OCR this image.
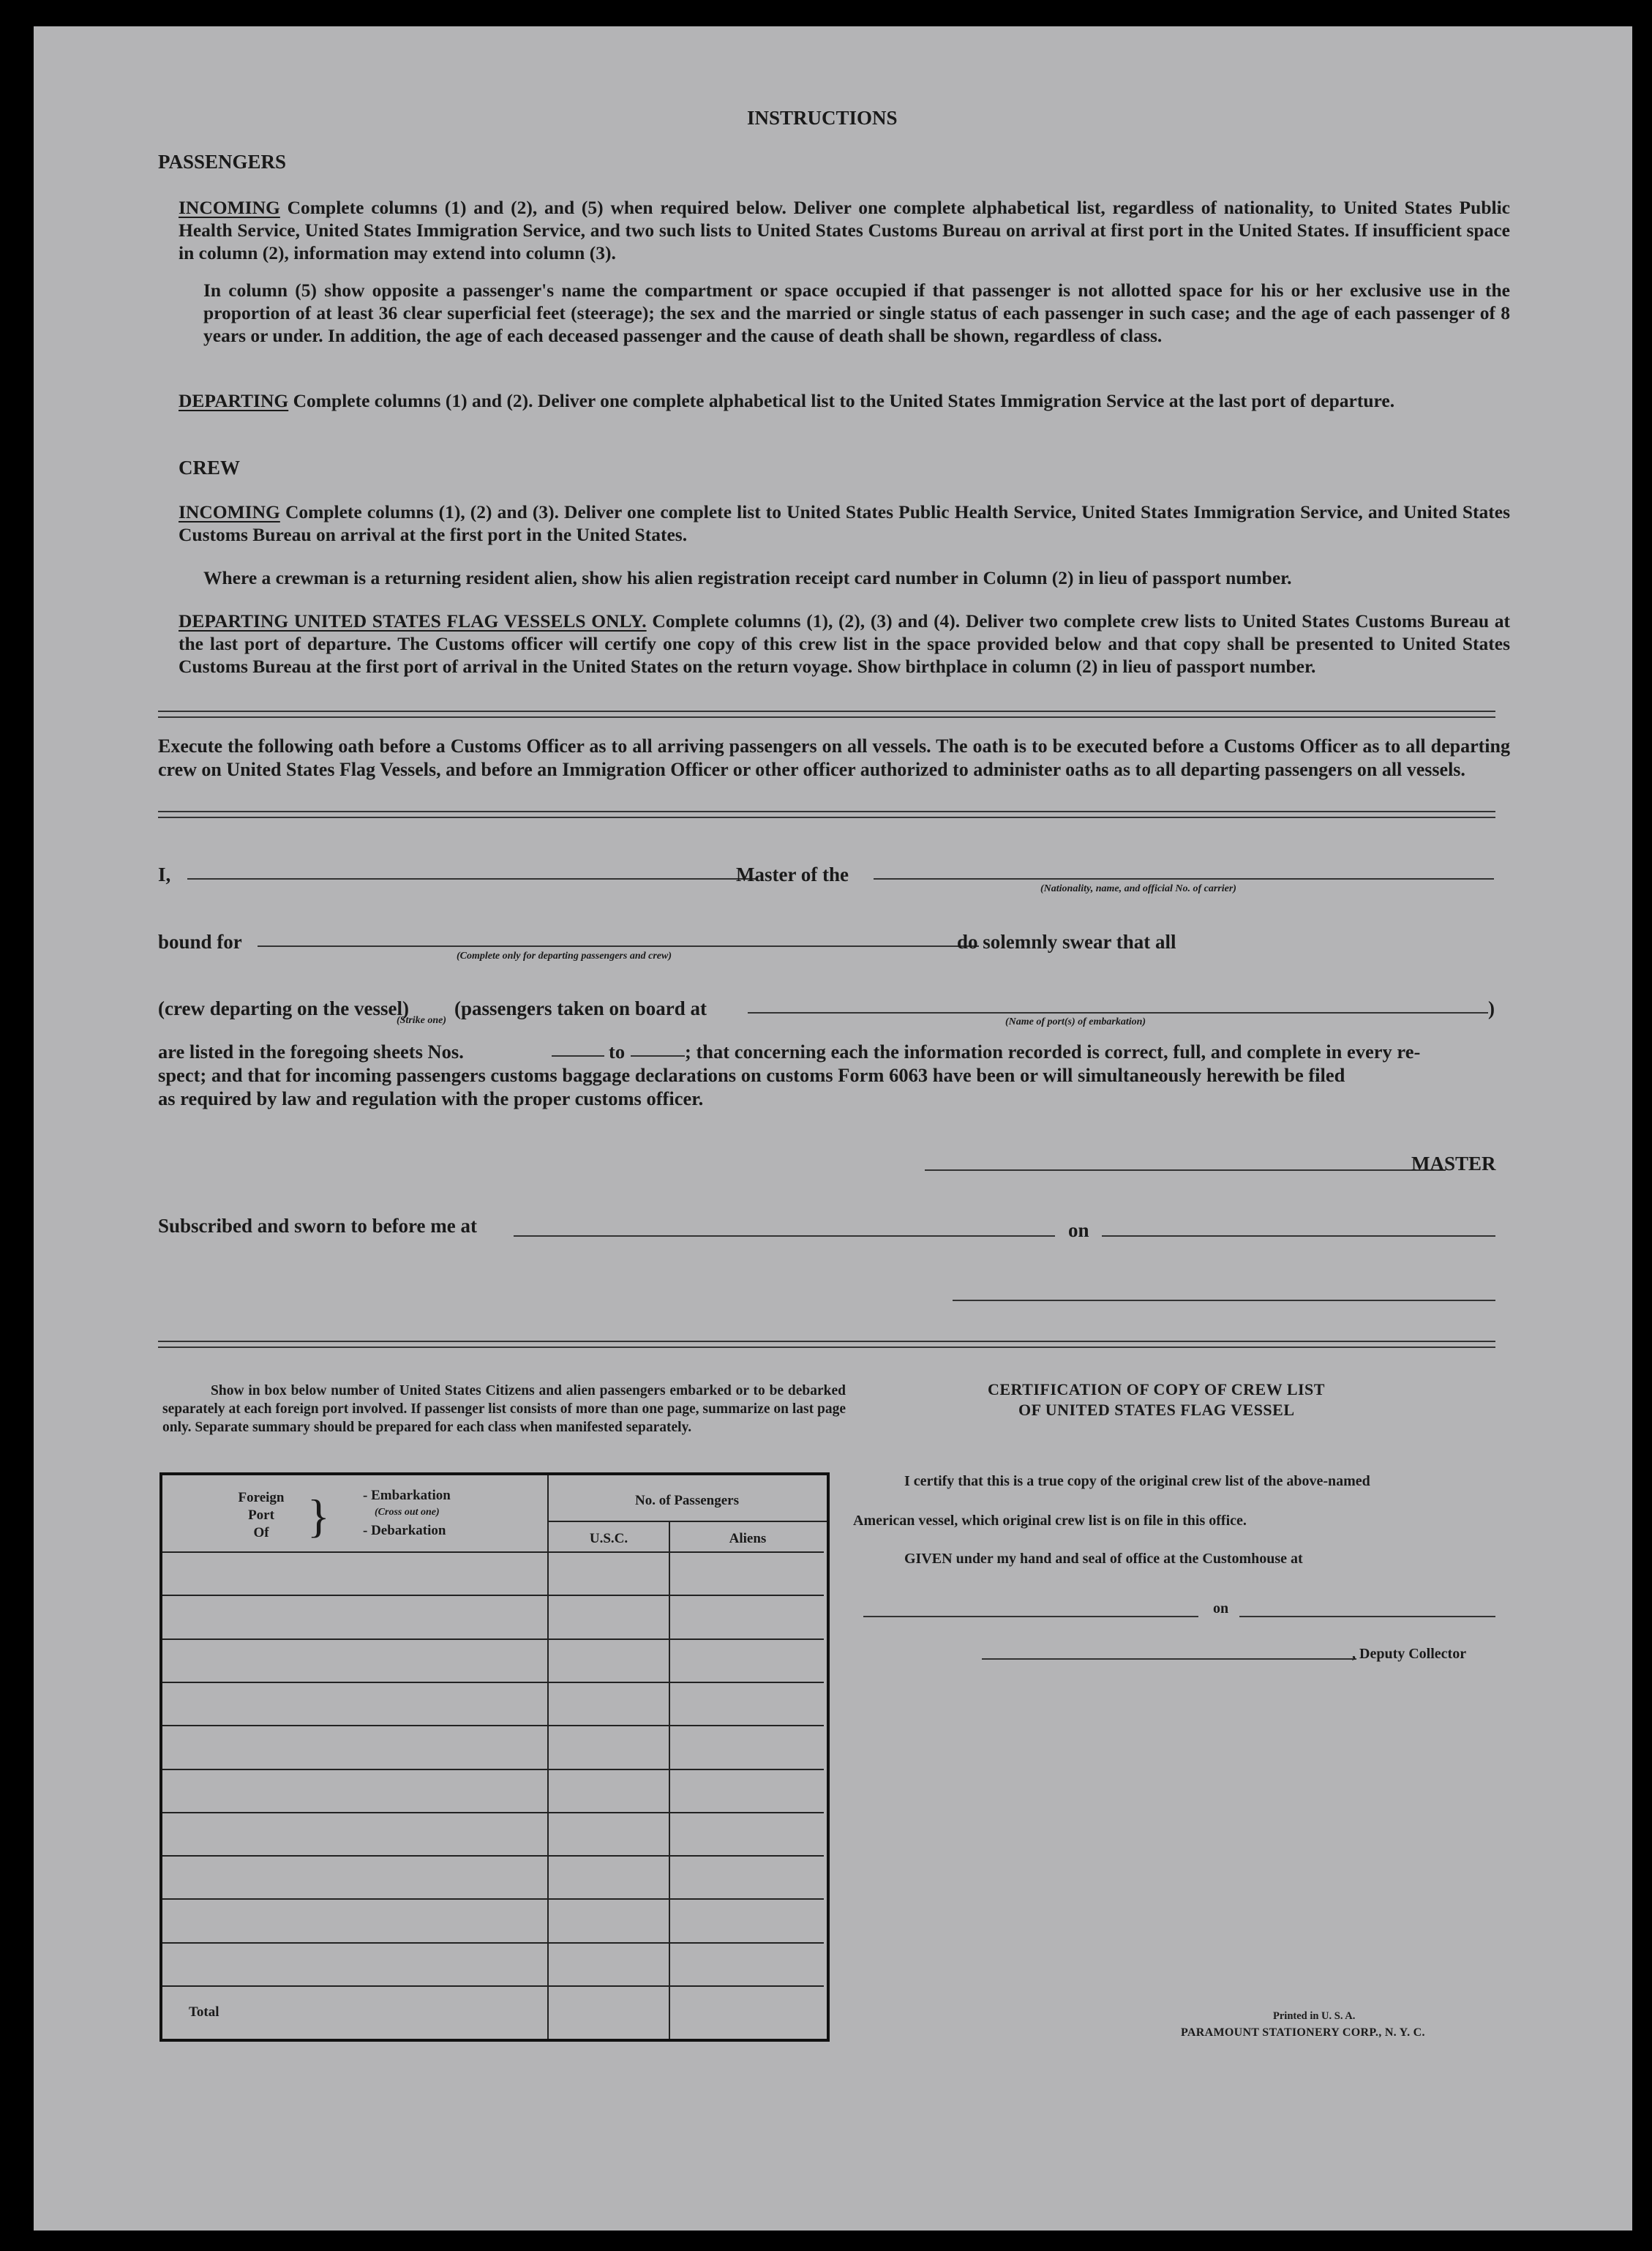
INSTRUCTIONS
PASSENGERS
INCOMING Complete columns (1) and (2), and (5) when required below. Deliver one complete alphabetical list, regardless of nationality, to United States Public Health Service, United States Immigration Service, and two such lists to United States Customs Bureau on arrival at first port in the United States. If insufficient space in column (2), information may extend into column (3).
In column (5) show opposite a passenger's name the compartment or space occupied if that passenger is not allotted space for his or her exclusive use in the proportion of at least 36 clear superficial feet (steerage); the sex and the married or single status of each passenger in such case; and the age of each passenger of 8 years or under. In addition, the age of each deceased passenger and the cause of death shall be shown, regardless of class.
DEPARTING Complete columns (1) and (2). Deliver one complete alphabetical list to the United States Immigration Service at the last port of departure.
CREW
INCOMING Complete columns (1), (2) and (3). Deliver one complete list to United States Public Health Service, United States Immigration Service, and United States Customs Bureau on arrival at the first port in the United States.
Where a crewman is a returning resident alien, show his alien registration receipt card number in Column (2) in lieu of passport number.
DEPARTING UNITED STATES FLAG VESSELS ONLY. Complete columns (1), (2), (3) and (4). Deliver two complete crew lists to United States Customs Bureau at the last port of departure. The Customs officer will certify one copy of this crew list in the space provided below and that copy shall be presented to United States Customs Bureau at the first port of arrival in the United States on the return voyage. Show birthplace in column (2) in lieu of passport number.
Execute the following oath before a Customs Officer as to all arriving passengers on all vessels. The oath is to be executed before a Customs Officer as to all departing crew on United States Flag Vessels, and before an Immigration Officer or other officer authorized to administer oaths as to all departing passengers on all vessels.
I,	Master of the
(Nationality, name, and official No. of carrier)
bound for
(Complete only for departing passengers and crew)
do solemnly swear that all
(crew departing on the vessel)
(Strike one)
(passengers taken on board at	)
(Name of port(s) of embarkation)
are listed in the foregoing sheets Nos.	to	; that concerning each the information recorded is correct, full, and complete in every re-
spect; and that for incoming passengers customs baggage declarations on customs Form 6063 have been or will simultaneously herewith be filed
as required by law and regulation with the proper customs officer.
MASTER
Subscribed and sworn to before me at	on
Show in box below number of United States Citizens and alien passengers embarked or to be debarked separately at each foreign port involved. If passenger list consists of more than one page, summarize on last page only. Separate summary should be prepared for each class when manifested separately.
Foreign
Port
Of } - Embarkation
(Cross out one)
- Debarkation
No. of Passengers
U.S.C.	Aliens
Total
CERTIFICATION OF COPY OF CREW LIST
OF UNITED STATES FLAG VESSEL
I certify that this is a true copy of the original crew list of the above-named
American vessel, which original crew list is on file in this office.
GIVEN under my hand and seal of office at the Customhouse at
on
, Deputy Collector
Printed in U. S. A.
PARAMOUNT STATIONERY CORP., N. Y. C.
